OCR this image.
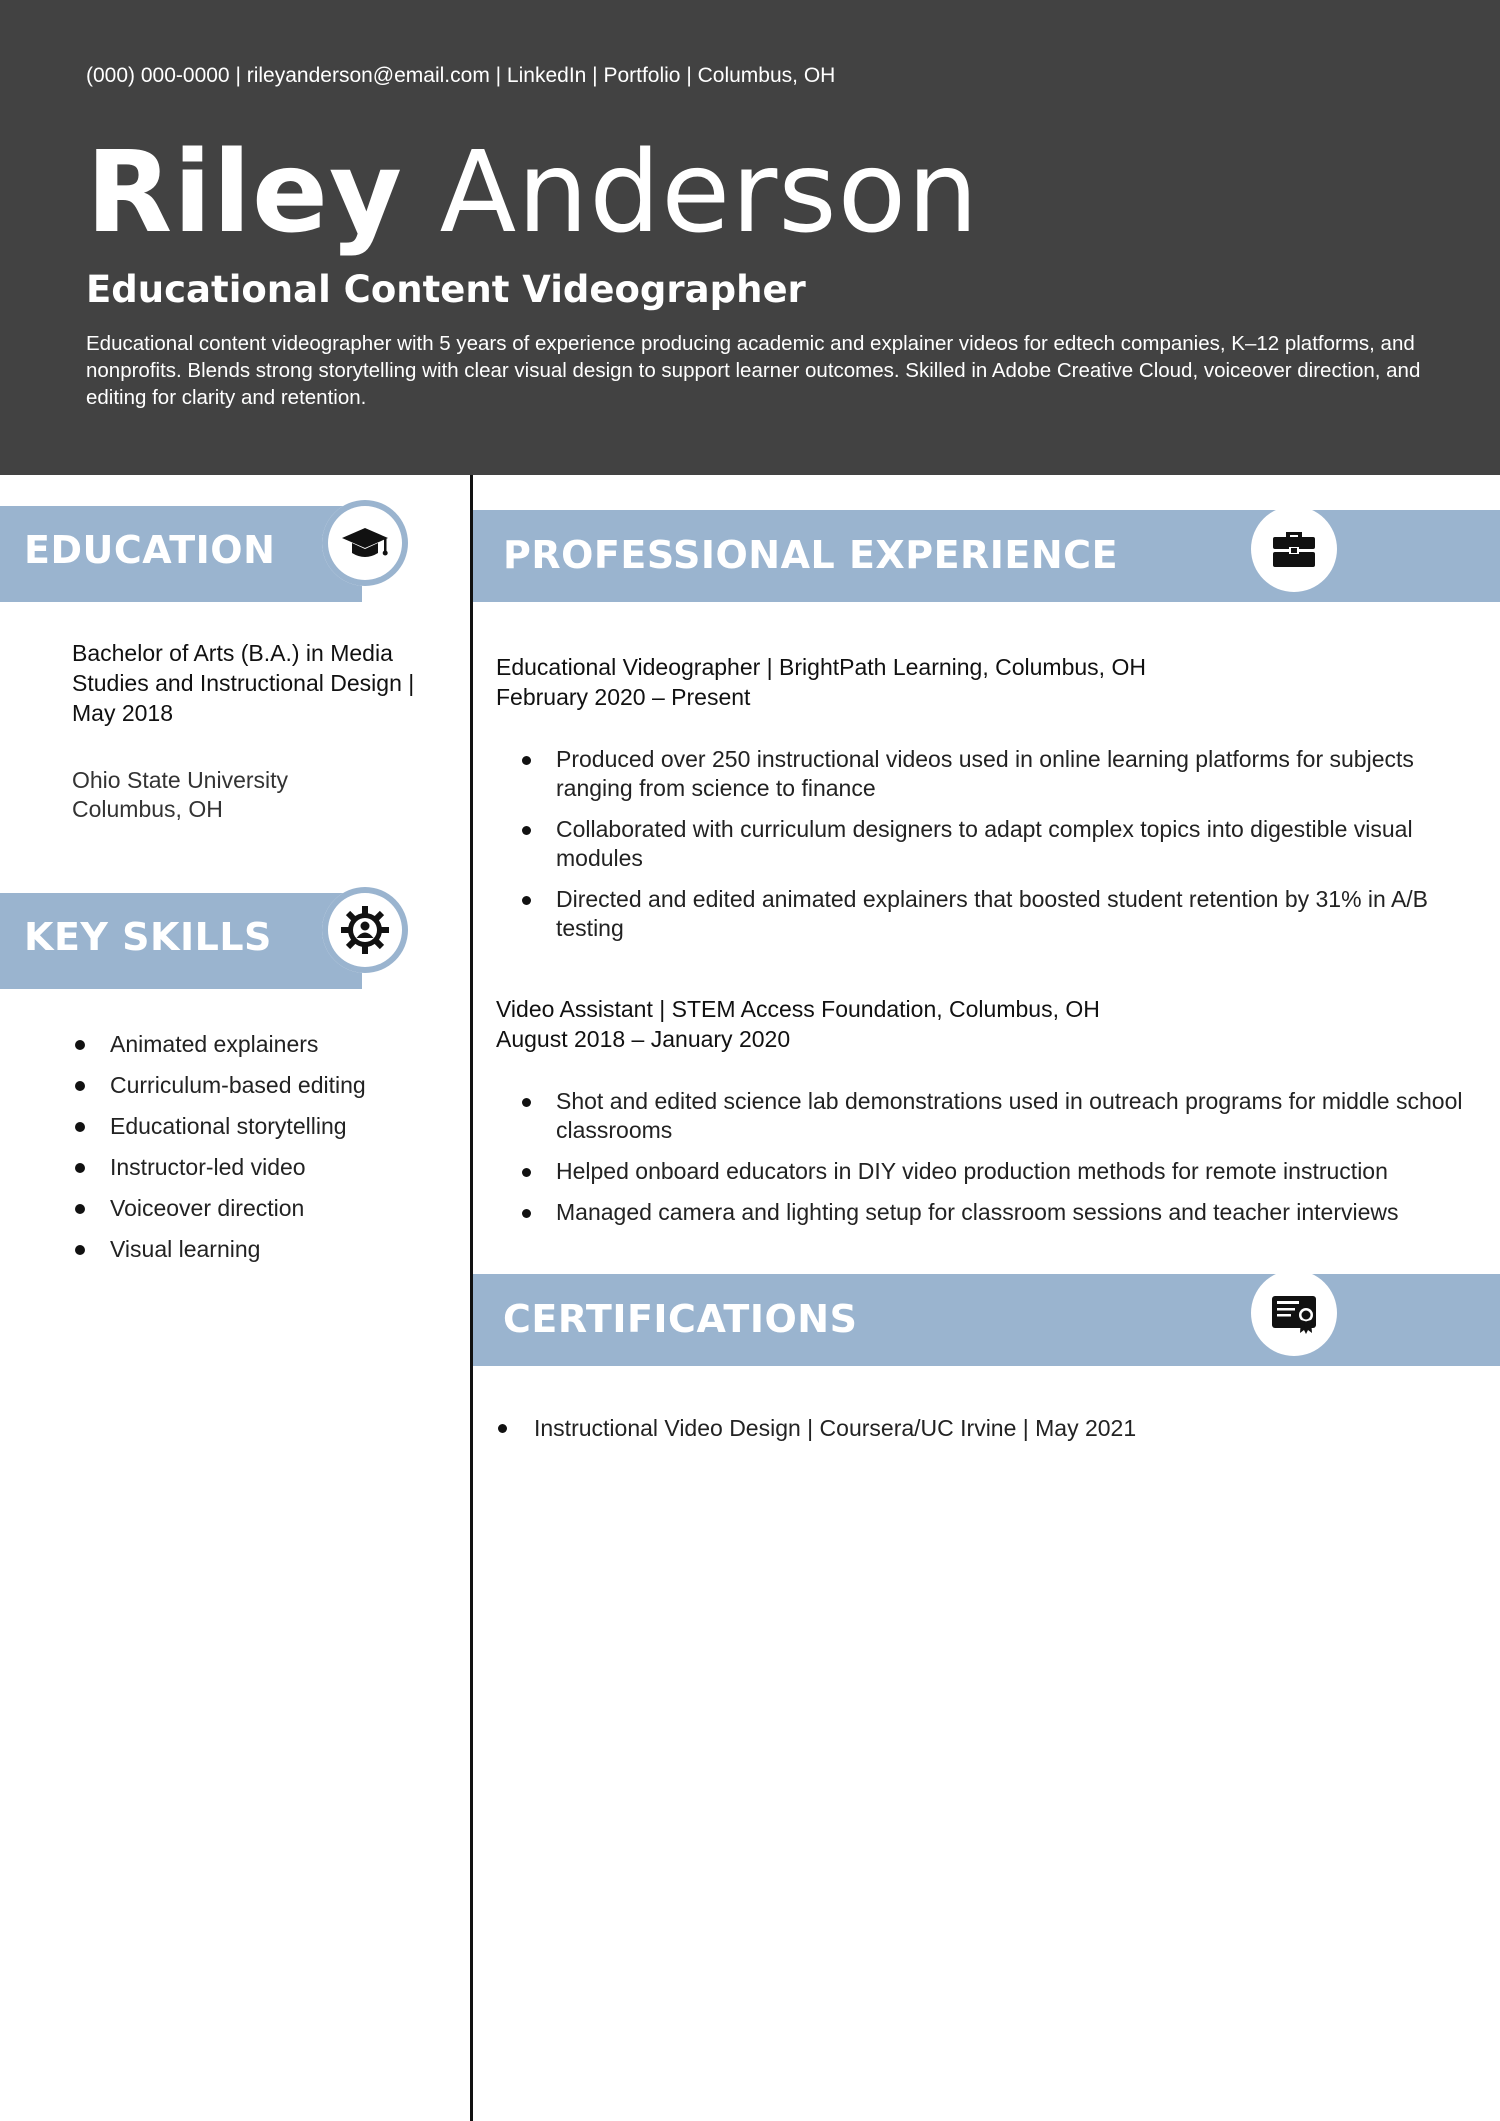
(000) 000-0000 | rileyanderson@email.com | LinkedIn | Portfolio | Columbus, OH
Riley Anderson
Educational Content Videographer
Educational content videographer with 5 years of experience producing academic and explainer videos for edtech companies, K–12 platforms, and nonprofits. Blends strong storytelling with clear visual design to support learner outcomes. Skilled in Adobe Creative Cloud, voiceover direction, and editing for clarity and retention.
EDUCATION
Bachelor of Arts (B.A.) in Media Studies and Instructional Design | May 2018
Ohio State University
Columbus, OH
KEY SKILLS
Animated explainers
Curriculum-based editing
Educational storytelling
Instructor-led video
Voiceover direction
Visual learning
PROFESSIONAL EXPERIENCE
Educational Videographer | BrightPath Learning, Columbus, OH
February 2020 – Present
Produced over 250 instructional videos used in online learning platforms for subjects ranging from science to finance
Collaborated with curriculum designers to adapt complex topics into digestible visual modules
Directed and edited animated explainers that boosted student retention by 31% in A/B testing
Video Assistant | STEM Access Foundation, Columbus, OH
August 2018 – January 2020
Shot and edited science lab demonstrations used in outreach programs for middle school classrooms
Helped onboard educators in DIY video production methods for remote instruction
Managed camera and lighting setup for classroom sessions and teacher interviews
CERTIFICATIONS
Instructional Video Design | Coursera/UC Irvine | May 2021
